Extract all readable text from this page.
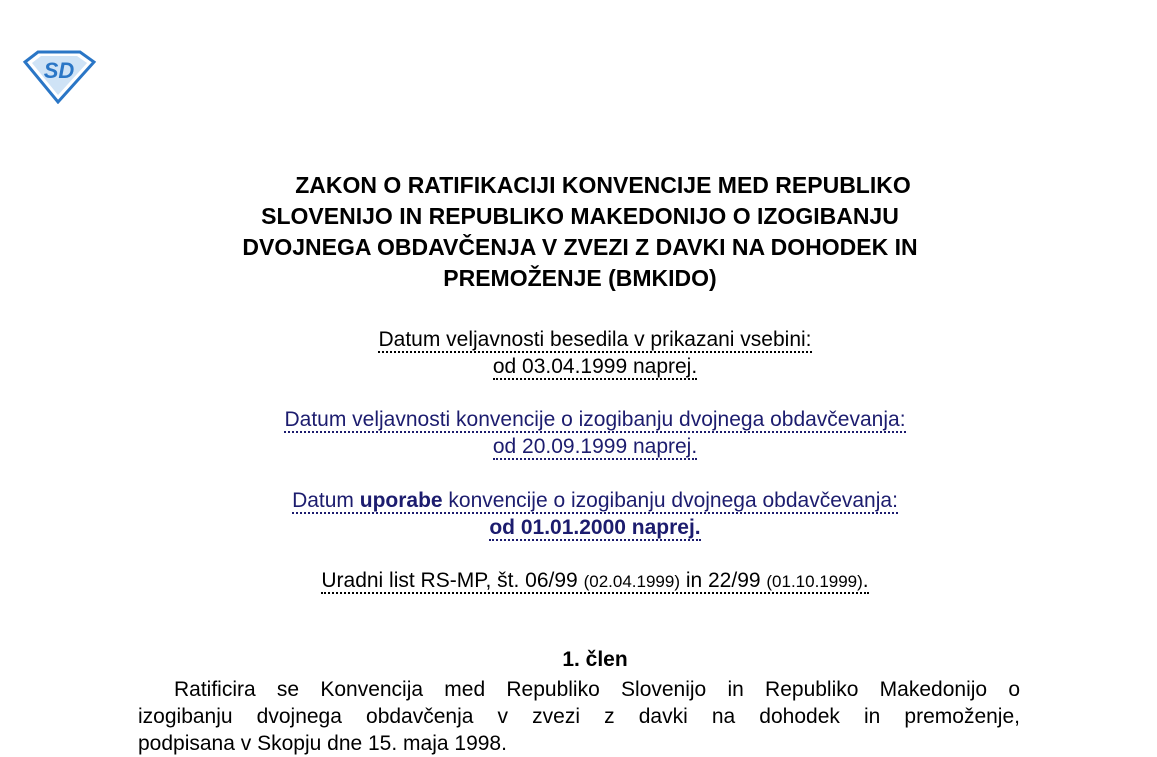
SD
ZAKON O RATIFIKACIJI KONVENCIJE MED REPUBLIKO
SLOVENIJO IN REPUBLIKO MAKEDONIJO O IZOGIBANJU
DVOJNEGA OBDAVČENJA V ZVEZI Z DAVKI NA DOHODEK IN
PREMOŽENJE (BMKIDO)
Datum veljavnosti besedila v prikazani vsebini:
od 03.04.1999 naprej.
Datum veljavnosti konvencije o izogibanju dvojnega obdavčevanja:
od 20.09.1999 naprej.
Datum uporabe konvencije o izogibanju dvojnega obdavčevanja:
od 01.01.2000 naprej.
Uradni list RS-MP, št. 06/99 (02.04.1999) in 22/99 (01.10.1999).
1. člen
Ratificira se Konvencija med Republiko Slovenijo in Republiko Makedonijo o
izogibanju dvojnega obdavčenja v zvezi z davki na dohodek in premoženje,
podpisana v Skopju dne 15. maja 1998.
